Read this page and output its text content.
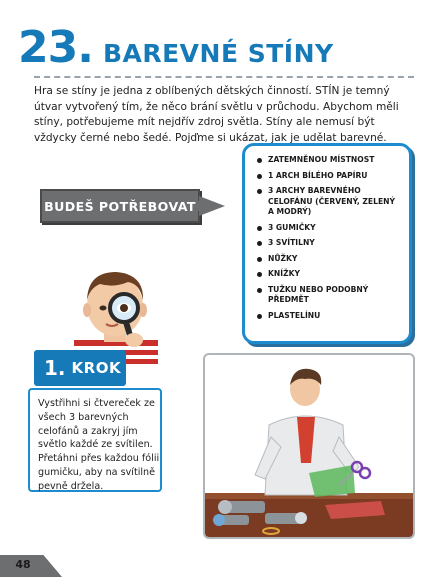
23. BAREVNÉ STÍNY
Hra se stíny je jedna z oblíbených dětských činností. STÍN je temný útvar vytvořený tím, že něco brání světlu v průchodu. Abychom měli stíny, potřebujeme mít nejdřív zdroj světla. Stíny ale nemusí být vždycky černé nebo šedé. Pojďme si ukázat, jak je udělat barevné.
BUDEŠ POTŘEBOVAT
ZATEMNĚNOU MÍSTNOST
1 ARCH BÍLÉHO PAPÍRU
3 ARCHY BAREVNÉHO CELOFÁNU (ČERVENÝ, ZELENÝ A MODRÝ)
3 GUMIČKY
3 SVÍTILNY
NŮŽKY
KNÍŽKY
TUŽKU NEBO PODOBNÝ PŘEDMĚT
PLASTELÍNU
1. KROK
Vystřihni si čtvereček ze všech 3 barevných celofánů a zakryj jím světlo každé ze svítilen. Přetáhni přes každou fólii gumičku, aby na svítilně pevně držela.
48
